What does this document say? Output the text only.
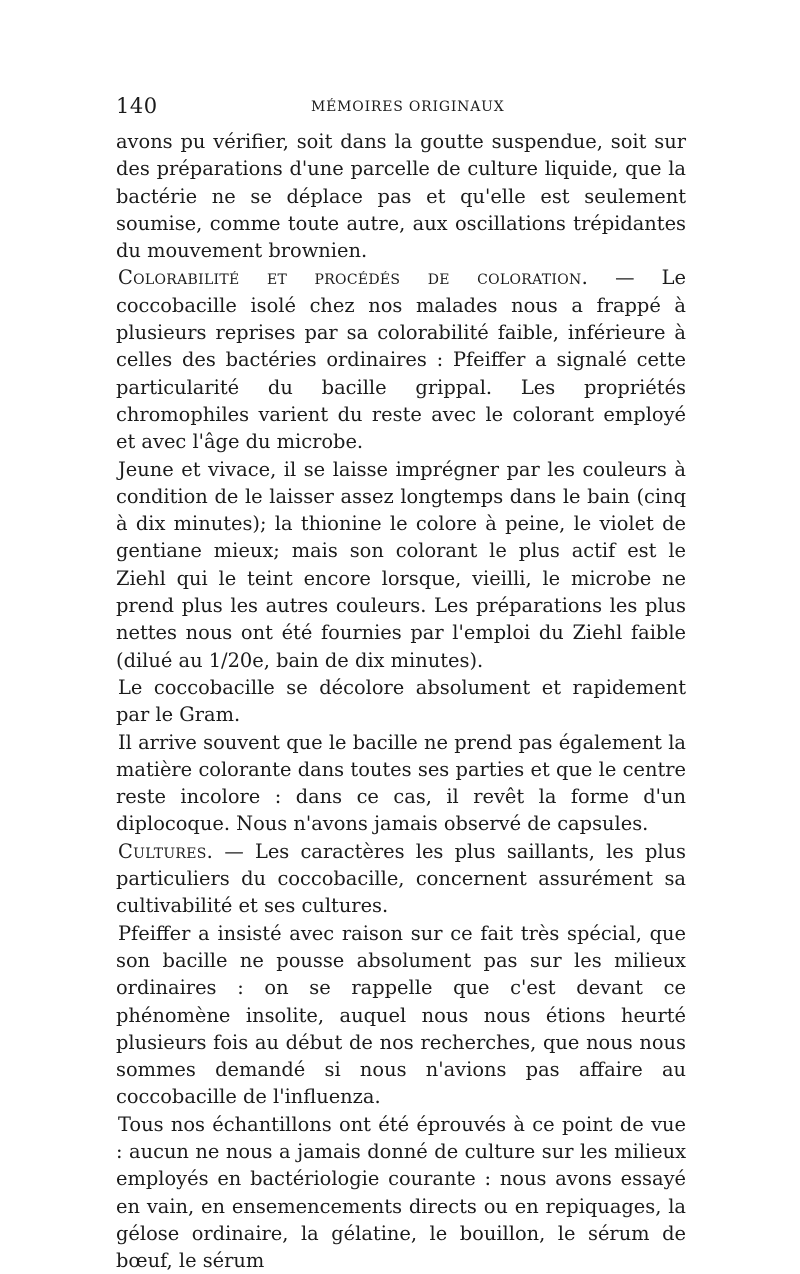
140	MÉMOIRES ORIGINAUX

avons pu vérifier, soit dans la goutte suspendue, soit sur des préparations d'une parcelle de culture liquide, que la bactérie ne se déplace pas et qu'elle est seulement soumise, comme toute autre, aux oscillations trépidantes du mouvement brownien.

Colorabilité et procédés de coloration. — Le coccobacille isolé chez nos malades nous a frappé à plusieurs reprises par sa colorabilité faible, inférieure à celles des bactéries ordinaires : Pfeiffer a signalé cette particularité du bacille grippal. Les propriétés chromophiles varient du reste avec le colorant employé et avec l'âge du microbe.

Jeune et vivace, il se laisse imprégner par les couleurs à condition de le laisser assez longtemps dans le bain (cinq à dix minutes); la thionine le colore à peine, le violet de gentiane mieux; mais son colorant le plus actif est le Ziehl qui le teint encore lorsque, vieilli, le microbe ne prend plus les autres couleurs. Les préparations les plus nettes nous ont été fournies par l'emploi du Ziehl faible (dilué au 1/20e, bain de dix minutes).

Le coccobacille se décolore absolument et rapidement par le Gram.

Il arrive souvent que le bacille ne prend pas également la matière colorante dans toutes ses parties et que le centre reste incolore : dans ce cas, il revêt la forme d'un diplocoque. Nous n'avons jamais observé de capsules.

Cultures. — Les caractères les plus saillants, les plus particuliers du coccobacille, concernent assurément sa cultivabilité et ses cultures.

Pfeiffer a insisté avec raison sur ce fait très spécial, que son bacille ne pousse absolument pas sur les milieux ordinaires : on se rappelle que c'est devant ce phénomène insolite, auquel nous nous étions heurté plusieurs fois au début de nos recherches, que nous nous sommes demandé si nous n'avions pas affaire au coccobacille de l'influenza.

Tous nos échantillons ont été éprouvés à ce point de vue : aucun ne nous a jamais donné de culture sur les milieux employés en bactériologie courante : nous avons essayé en vain, en ensemencements directs ou en repiquages, la gélose ordinaire, la gélatine, le bouillon, le sérum de bœuf, le sérum
